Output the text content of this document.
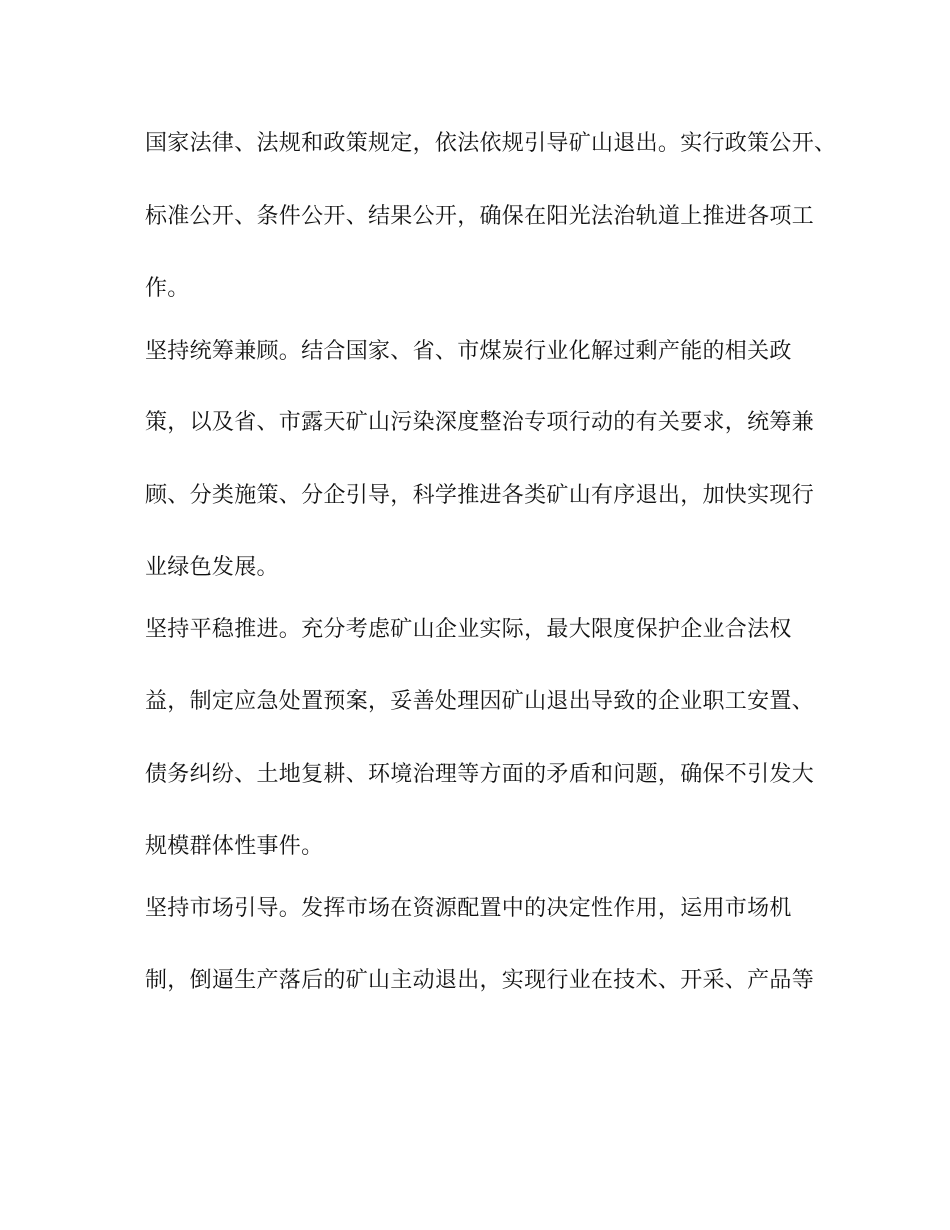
国家法律、法规和政策规定，依法依规引导矿山退出。实行政策公开、
标准公开、条件公开、结果公开，确保在阳光法治轨道上推进各项工
作。
坚持统筹兼顾。结合国家、省、市煤炭行业化解过剩产能的相关政
策，以及省、市露天矿山污染深度整治专项行动的有关要求，统筹兼
顾、分类施策、分企引导，科学推进各类矿山有序退出，加快实现行
业绿色发展。
坚持平稳推进。充分考虑矿山企业实际，最大限度保护企业合法权
益，制定应急处置预案，妥善处理因矿山退出导致的企业职工安置、
债务纠纷、土地复耕、环境治理等方面的矛盾和问题，确保不引发大
规模群体性事件。
坚持市场引导。发挥市场在资源配置中的决定性作用，运用市场机
制，倒逼生产落后的矿山主动退出，实现行业在技术、开采、产品等
